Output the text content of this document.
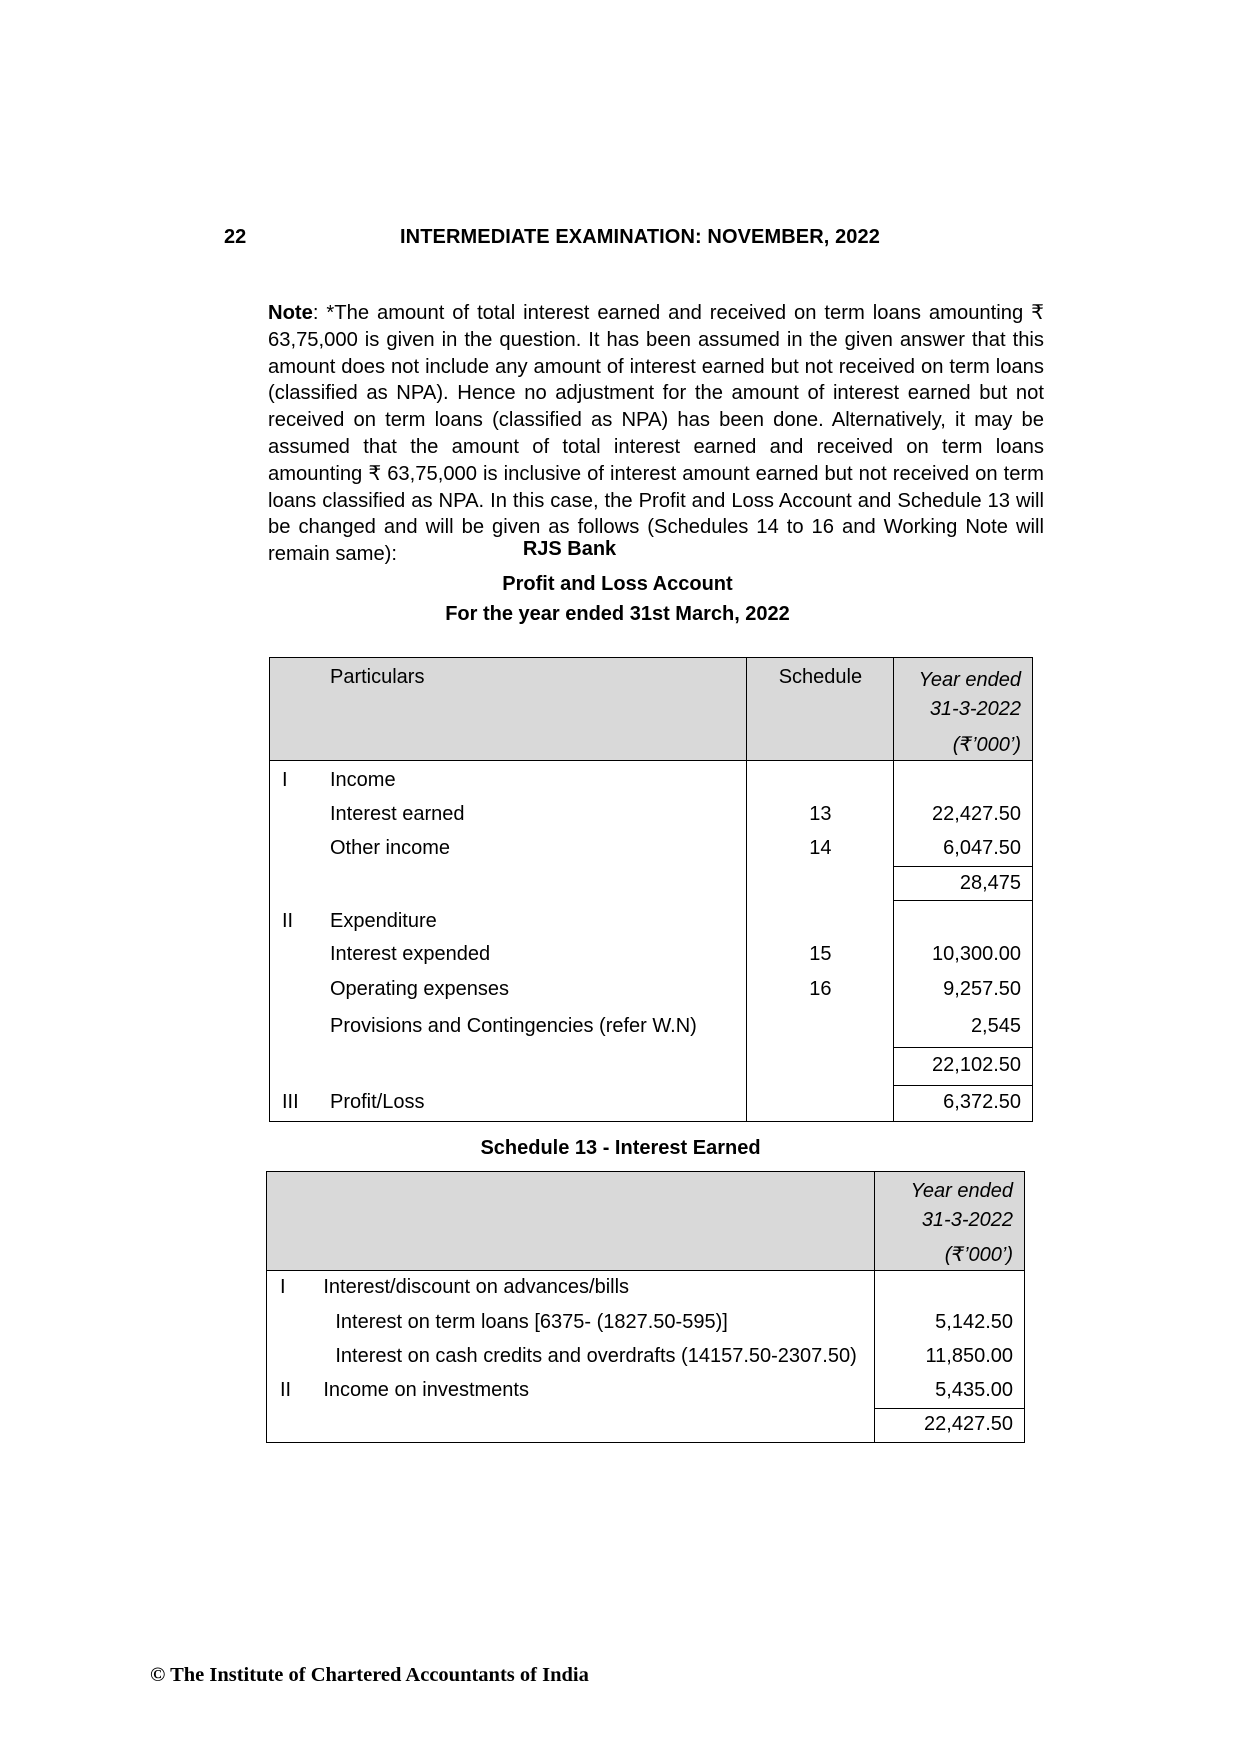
22	INTERMEDIATE EXAMINATION: NOVEMBER, 2022
Note: *The amount of total interest earned and received on term loans amounting ₹ 63,75,000 is given in the question. It has been assumed in the given answer that this amount does not include any amount of interest earned but not received on term loans (classified as NPA). Hence no adjustment for the amount of interest earned but not received on term loans (classified as NPA) has been done. Alternatively, it may be assumed that the amount of total interest earned and received on term loans amounting ₹ 63,75,000 is inclusive of interest amount earned but not received on term loans classified as NPA. In this case, the Profit and Loss Account and Schedule 13 will be changed and will be given as follows (Schedules 14 to 16 and Working Note will remain same):	RJS Bank
Profit and Loss Account
For the year ended 31st March, 2022
	Particulars	Schedule	Year ended
31-3-2022
(₹’000’)

I	Income		
	Interest earned	13	22,427.50
	Other income	14	6,047.50
			28,475
II	Expenditure		
	Interest expended	15	10,300.00
	Operating expenses	16	9,257.50
	Provisions and Contingencies (refer W.N)		2,545
			22,102.50
III	Profit/Loss		6,372.50
Schedule 13 - Interest Earned

		Year ended
31-3-2022
(₹’000’)

I	Interest/discount on advances/bills	
	Interest on term loans [6375- (1827.50-595)]	5,142.50
	Interest on cash credits and overdrafts (14157.50-2307.50)	11,850.00
II	Income on investments	5,435.00
		22,427.50
© The Institute of Chartered Accountants of India
